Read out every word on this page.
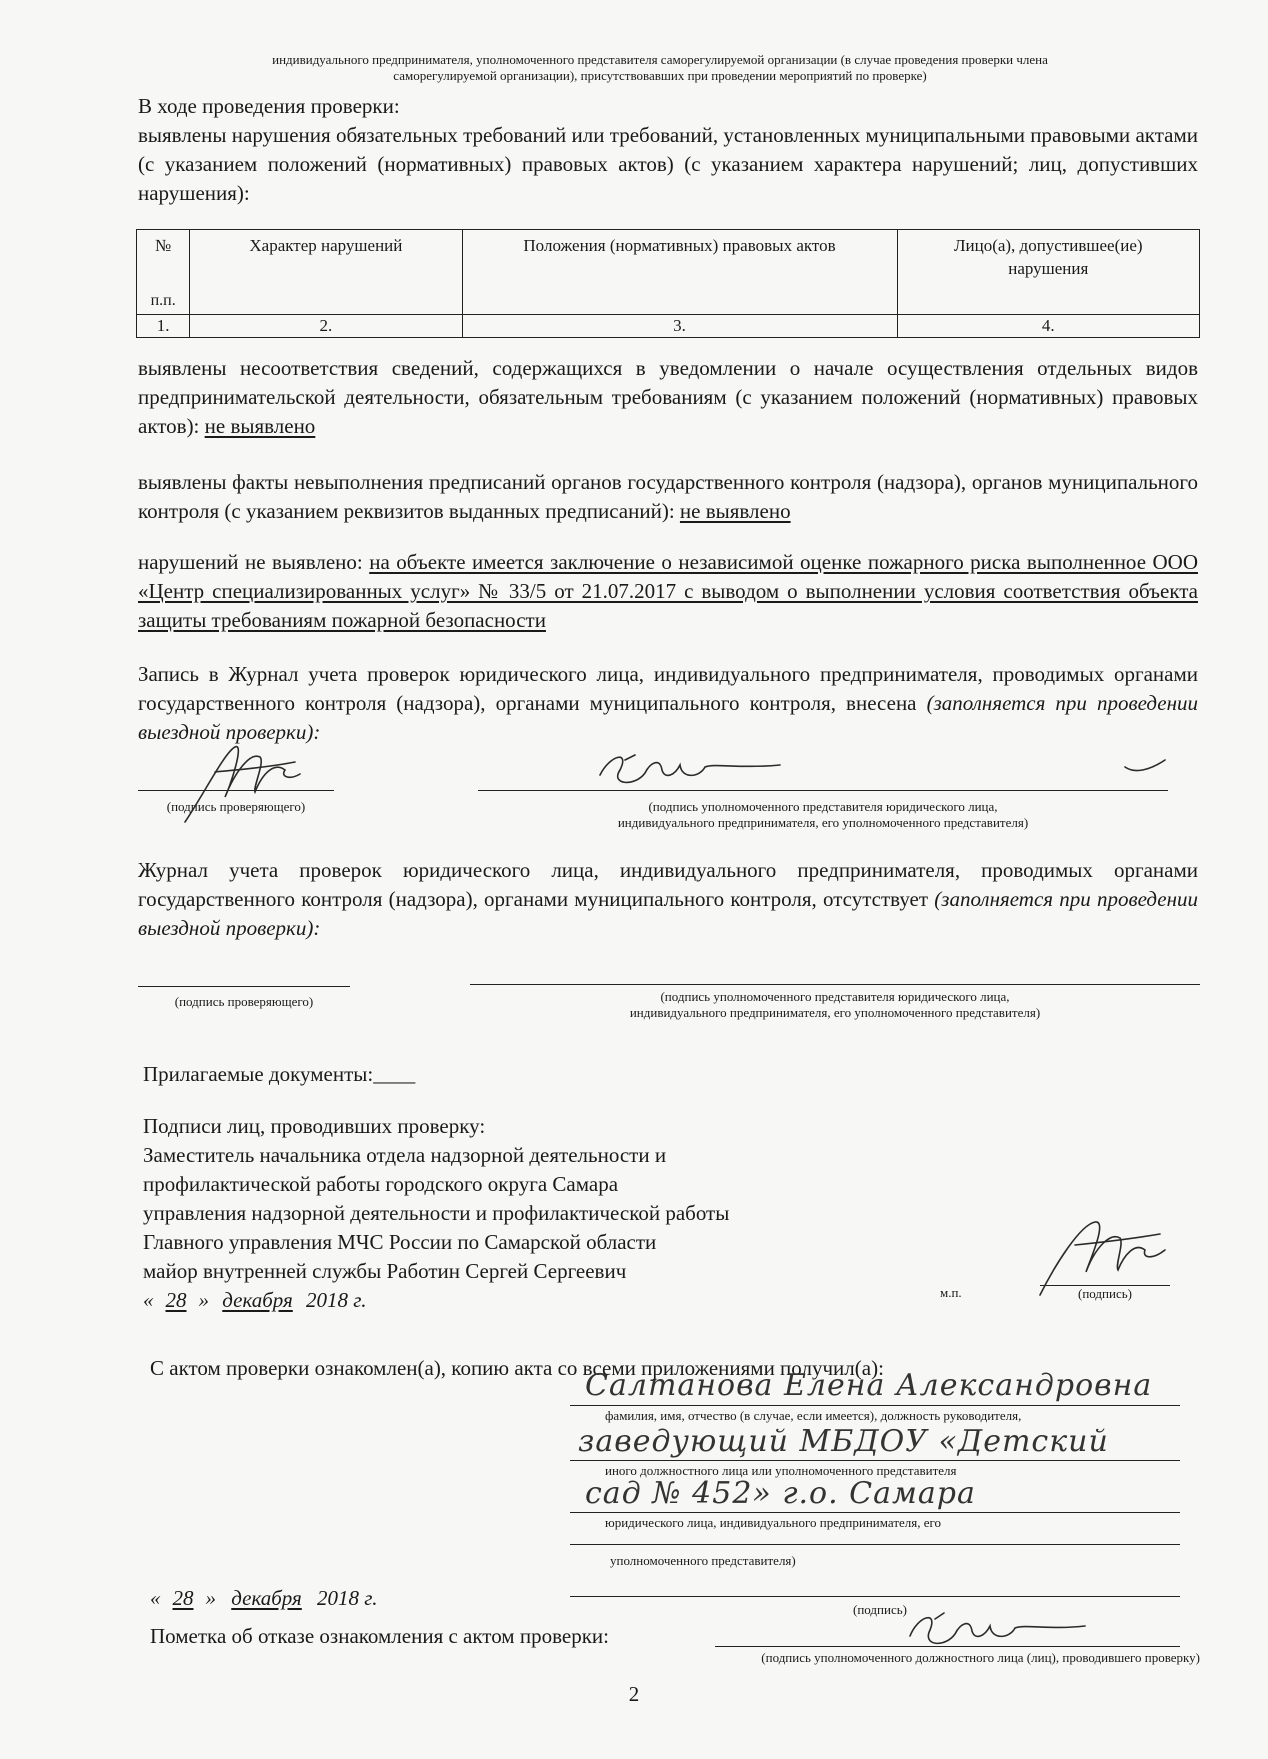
индивидуального предпринимателя, уполномоченного представителя саморегулируемой организации (в случае проведения проверки члена
саморегулируемой организации), присутствовавших при проведении мероприятий по проверке)
В ходе проведения проверки:
выявлены нарушения обязательных требований или требований, установленных муниципальными правовыми актами (с указанием положений (нормативных) правовых актов) (с указанием характера нарушений; лиц, допустивших нарушения):
№
п.п.	Характер нарушений	Положения (нормативных) правовых актов	Лицо(а), допустившее(ие) нарушения
1.	2.	3.	4.
выявлены несоответствия сведений, содержащихся в уведомлении о начале осуществления отдельных видов предпринимательской деятельности, обязательным требованиям (с указанием положений (нормативных) правовых актов): не выявлено
выявлены факты невыполнения предписаний органов государственного контроля (надзора), органов муниципального контроля (с указанием реквизитов выданных предписаний): не выявлено
нарушений не выявлено: на объекте имеется заключение о независимой оценке пожарного риска выполненное ООО «Центр специализированных услуг» № 33/5 от 21.07.2017 с выводом о выполнении условия соответствия объекта защиты требованиям пожарной безопасности
Запись в Журнал учета проверок юридического лица, индивидуального предпринимателя, проводимых органами государственного контроля (надзора), органами муниципального контроля, внесена (заполняется при проведении выездной проверки):
(подпись проверяющего)	(подпись уполномоченного представителя юридического лица,
индивидуального предпринимателя, его уполномоченного представителя)
Журнал учета проверок юридического лица, индивидуального предпринимателя, проводимых органами государственного контроля (надзора), органами муниципального контроля, отсутствует (заполняется при проведении выездной проверки):
(подпись проверяющего)	(подпись уполномоченного представителя юридического лица,
индивидуального предпринимателя, его уполномоченного представителя)
Прилагаемые документы:____
Подписи лиц, проводивших проверку:
Заместитель начальника отдела надзорной деятельности и
профилактической работы городского округа Самара
управления надзорной деятельности и профилактической работы
Главного управления МЧС России по Самарской области
майор внутренней службы Работин Сергей Сергеевич
« 28 » декабря 2018 г.	м.п.	(подпись)
С актом проверки ознакомлен(а), копию акта со всеми приложениями получил(а):
Салтанова Елена Александровна
фамилия, имя, отчество (в случае, если имеется), должность руководителя,
заведующий МБДОУ «Детский
иного должностного лица или уполномоченного представителя
сад № 452» г.о. Самара
юридического лица, индивидуального предпринимателя, его
уполномоченного представителя)
« 28 » декабря 2018 г.	(подпись)
Пометка об отказе ознакомления с актом проверки:
(подпись уполномоченного должностного лица (лиц), проводившего проверку)
2
